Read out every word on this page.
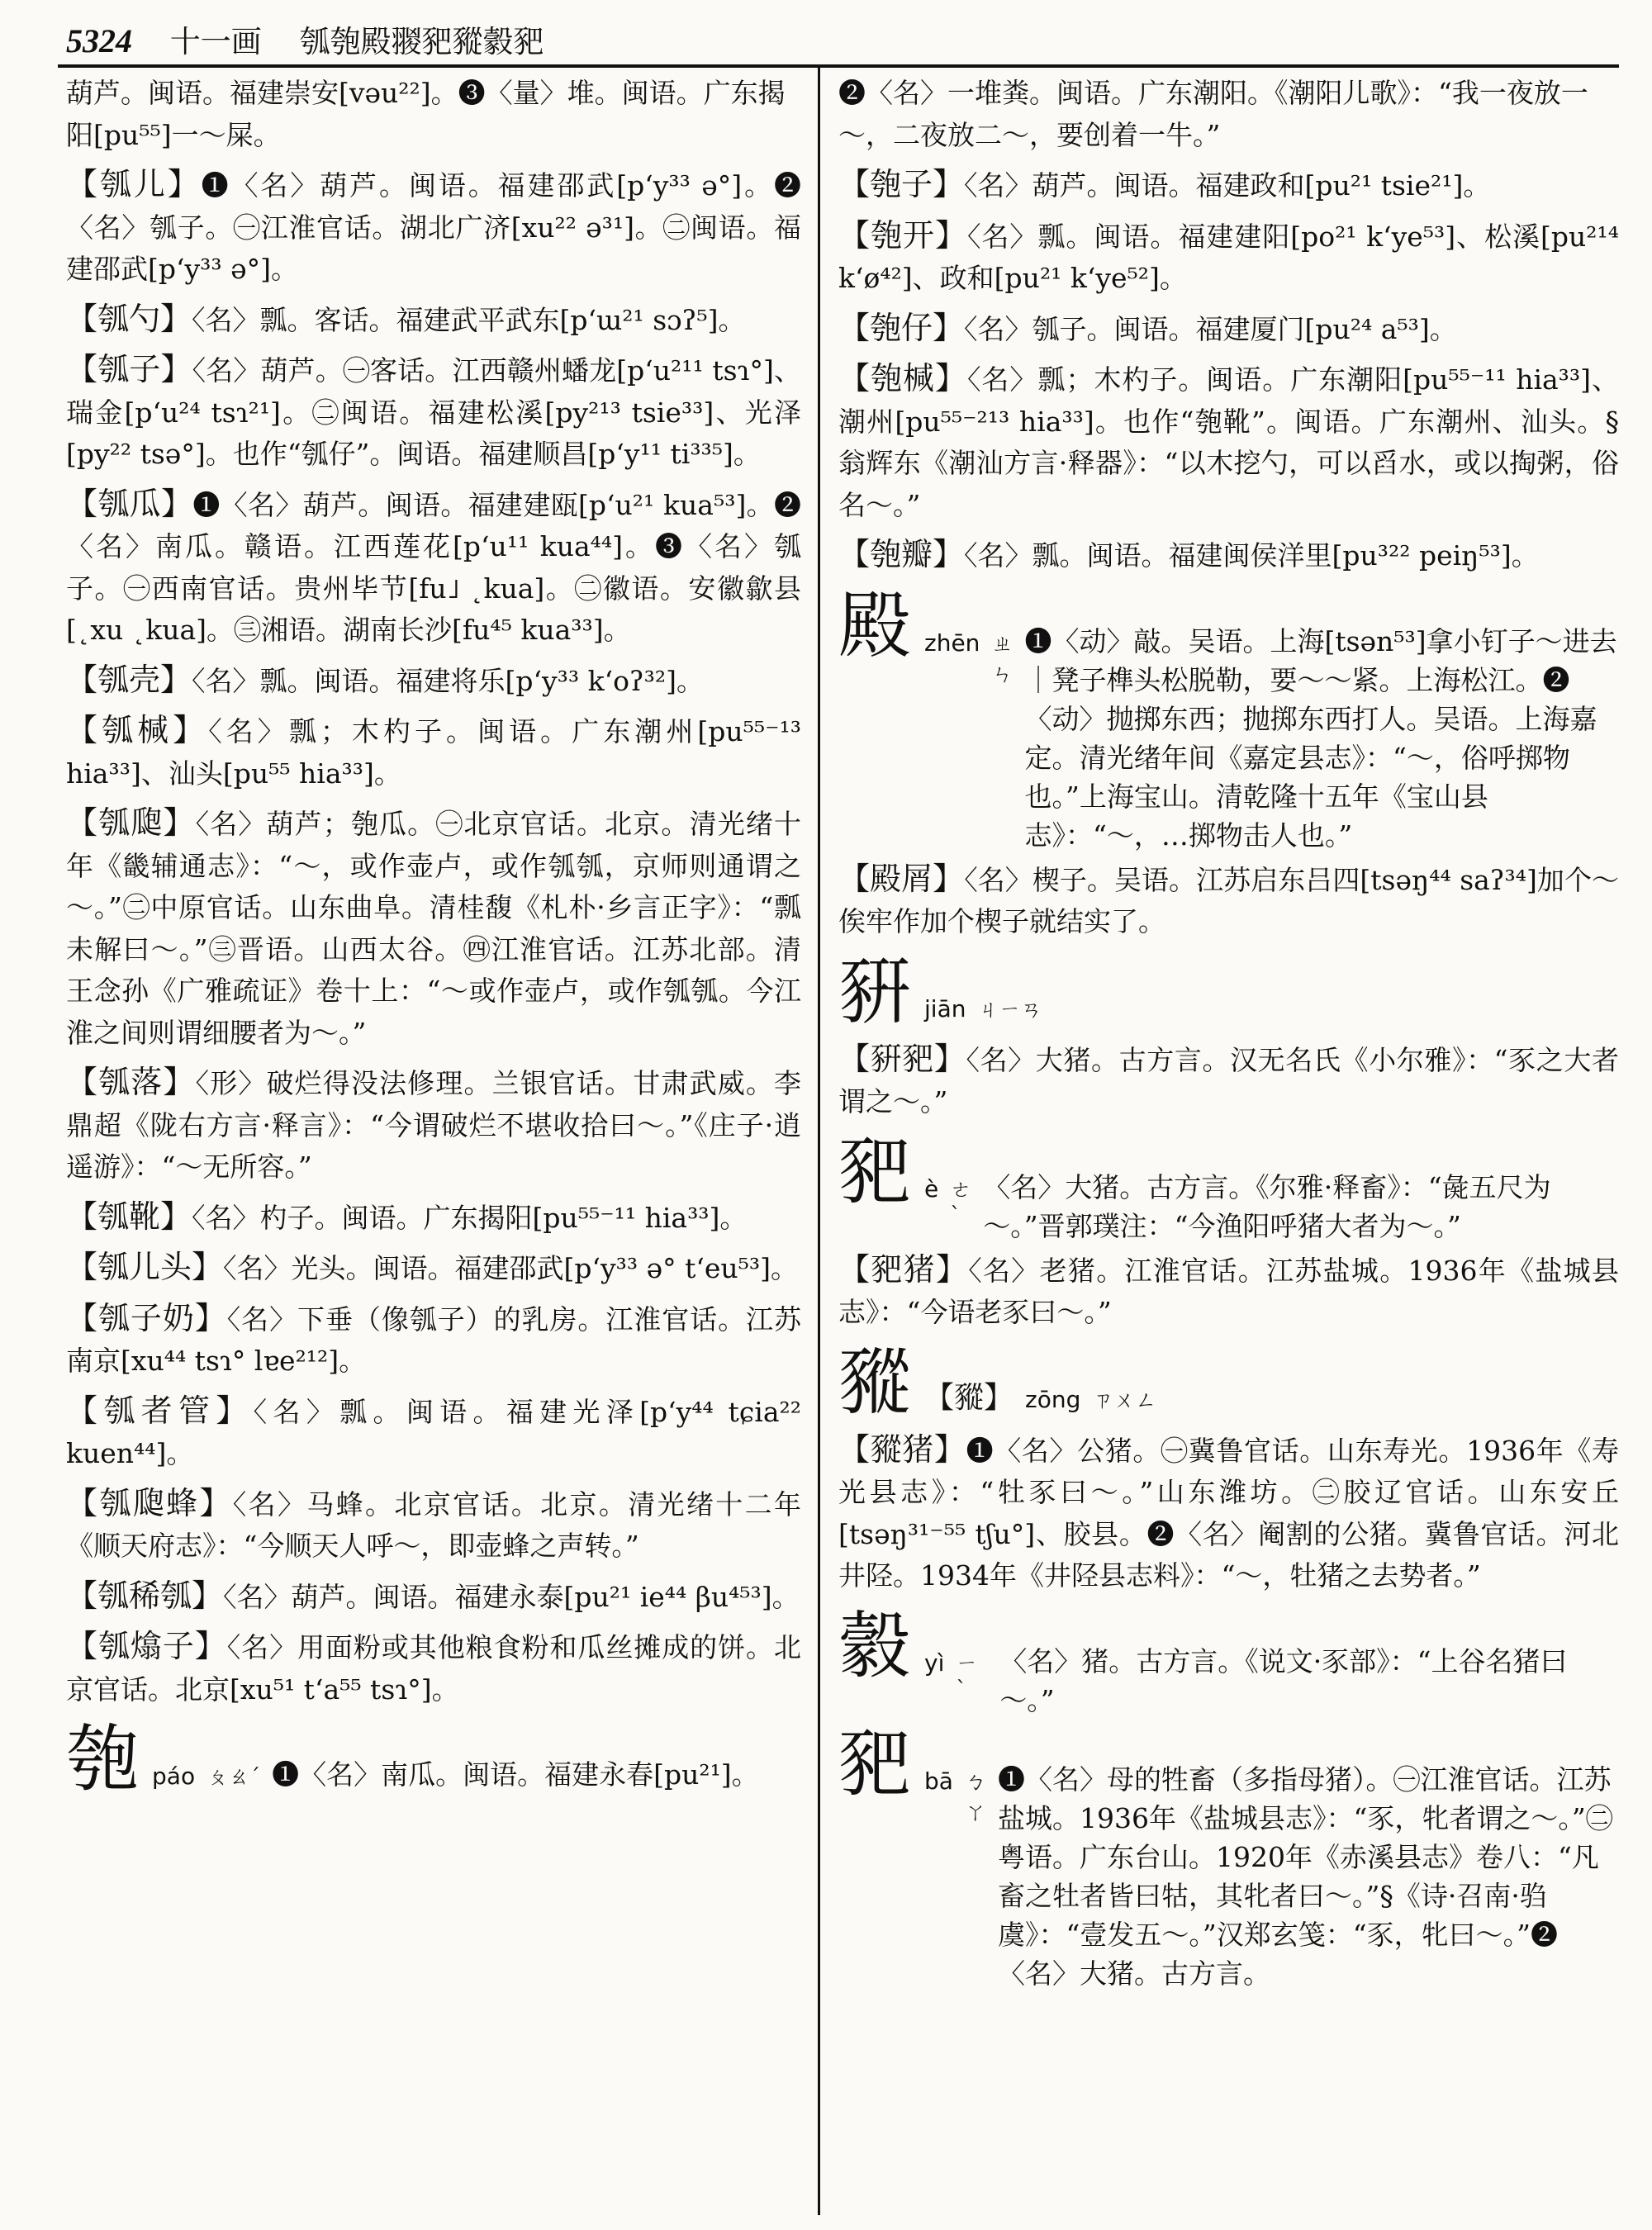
5324 十一画 瓠匏殿翪豝豵豰豝
葫芦。闽语。福建崇安[vəu²²]。❸〈量〉堆。闽语。广东揭阳[pu⁵⁵]一～屎。
【瓠儿】❶〈名〉葫芦。闽语。福建邵武[p‘y³³ ə°]。❷〈名〉瓠子。㊀江淮官话。湖北广济[xu²² ə³¹]。㊁闽语。福建邵武[p‘y³³ ə°]。
【瓠勺】〈名〉瓢。客话。福建武平武东[p‘ɯ²¹ sɔʔ⁵]。
【瓠子】〈名〉葫芦。㊀客话。江西赣州蟠龙[p‘u²¹¹ tsɿ°]、瑞金[p‘u²⁴ tsɿ²¹]。㊁闽语。福建松溪[py²¹³ tsie³³]、光泽[py²² tsə°]。也作“瓠仔”。闽语。福建顺昌[p‘y¹¹ ti³³⁵]。
【瓠瓜】❶〈名〉葫芦。闽语。福建建瓯[p‘u²¹ kua⁵³]。❷〈名〉南瓜。赣语。江西莲花[p‘u¹¹ kua⁴⁴]。❸〈名〉瓠子。㊀西南官话。贵州毕节[fu˩ ˛kua]。㊁徽语。安徽歙县[˛xu ˛kua]。㊂湘语。湖南长沙[fu⁴⁵ kua³³]。
【瓠壳】〈名〉瓢。闽语。福建将乐[p‘y³³ k‘oʔ³²]。
【瓠椷】〈名〉瓢；木杓子。闽语。广东潮州[pu⁵⁵⁻¹³ hia³³]、汕头[pu⁵⁵ hia³³]。
【瓠瓟】〈名〉葫芦；匏瓜。㊀北京官话。北京。清光绪十年《畿辅通志》：“～，或作壶卢，或作瓠瓠，京师则通谓之～。”㊁中原官话。山东曲阜。清桂馥《札朴·乡言正字》：“瓢未解曰～。”㊂晋语。山西太谷。㊃江淮官话。江苏北部。清王念孙《广雅疏证》卷十上：“～或作壶卢，或作瓠瓠。今江淮之间则谓细腰者为～。”
【瓠落】〈形〉破烂得没法修理。兰银官话。甘肃武威。李鼎超《陇右方言·释言》：“今谓破烂不堪收拾曰～。”《庄子·逍遥游》：“～无所容。”
【瓠靴】〈名〉杓子。闽语。广东揭阳[pu⁵⁵⁻¹¹ hia³³]。
【瓠儿头】〈名〉光头。闽语。福建邵武[p‘y³³ ə° t‘eu⁵³]。
【瓠子奶】〈名〉下垂（像瓠子）的乳房。江淮官话。江苏南京[xu⁴⁴ tsɿ° lɐe²¹²]。
【瓠者管】〈名〉瓢。闽语。福建光泽[p‘y⁴⁴ tɕia²² kuen⁴⁴]。
【瓠瓟蜂】〈名〉马蜂。北京官话。北京。清光绪十二年《顺天府志》：“今顺天人呼～，即壶蜂之声转。”
【瓠稀瓠】〈名〉葫芦。闽语。福建永泰[pu²¹ ie⁴⁴ βu⁴⁵³]。
【瓠熻子】〈名〉用面粉或其他粮食粉和瓜丝摊成的饼。北京官话。北京[xu⁵¹ t‘a⁵⁵ tsɿ°]。
匏 páo ㄆㄠˊ ❶〈名〉南瓜。闽语。福建永春[pu²¹]。
❷〈名〉一堆粪。闽语。广东潮阳。《潮阳儿歌》：“我一夜放一～，二夜放二～，要创着一牛。”
【匏子】〈名〉葫芦。闽语。福建政和[pu²¹ tsie²¹]。
【匏开】〈名〉瓢。闽语。福建建阳[po²¹ k‘ye⁵³]、松溪[pu²¹⁴ k‘ø⁴²]、政和[pu²¹ k‘ye⁵²]。
【匏仔】〈名〉瓠子。闽语。福建厦门[pu²⁴ a⁵³]。
【匏椷】〈名〉瓢；木杓子。闽语。广东潮阳[pu⁵⁵⁻¹¹ hia³³]、潮州[pu⁵⁵⁻²¹³ hia³³]。也作“匏靴”。闽语。广东潮州、汕头。§翁辉东《潮汕方言·释器》：“以木挖勺，可以舀水，或以掏粥，俗名～。”
【匏瓣】〈名〉瓢。闽语。福建闽侯洋里[pu³²² peiŋ⁵³]。
殿 zhēn ㄓㄣ
❶〈动〉敲。吴语。上海[tsən⁵³]拿小钉子～进去｜凳子榫头松脱勒，要～～紧。上海松江。❷〈动〉抛掷东西；抛掷东西打人。吴语。上海嘉定。清光绪年间《嘉定县志》：“～，俗呼掷物也。”上海宝山。清乾隆十五年《宝山县志》：“～，…掷物击人也。”
【殿屑】〈名〉楔子。吴语。江苏启东吕四[tsəŋ⁴⁴ saʔ³⁴]加个～俟牢作加个楔子就结实了。
豣 jiān ㄐㄧㄢ
【豣豝】〈名〉大猪。古方言。汉无名氏《小尔雅》：“豕之大者谓之～。”
豝 è ㄜˋ
〈名〉大猪。古方言。《尔雅·释畜》：“彘五尺为～。”晋郭璞注：“今渔阳呼猪大者为～。”
【豝猪】〈名〉老猪。江淮官话。江苏盐城。1936年《盐城县志》：“今语老豕曰～。”
豵 【豵】 zōng ㄗㄨㄥ
【豵猪】❶〈名〉公猪。㊀冀鲁官话。山东寿光。1936年《寿光县志》：“牡豕曰～。”山东潍坊。㊁胶辽官话。山东安丘[tsəŋ³¹⁻⁵⁵ tʃu°]、胶县。❷〈名〉阉割的公猪。冀鲁官话。河北井陉。1934年《井陉县志料》：“～，牡猪之去势者。”
豰 yì ㄧˋ
〈名〉猪。古方言。《说文·豕部》：“上谷名猪曰～。”
豝 bā ㄅㄚ
❶〈名〉母的牲畜（多指母猪）。㊀江淮官话。江苏盐城。1936年《盐城县志》：“豕，牝者谓之～。”㊁粤语。广东台山。1920年《赤溪县志》卷八：“凡畜之牡者皆曰牯，其牝者曰～。”§《诗·召南·驺虞》：“壹发五～。”汉郑玄笺：“豕，牝曰～。”❷〈名〉大猪。古方言。
